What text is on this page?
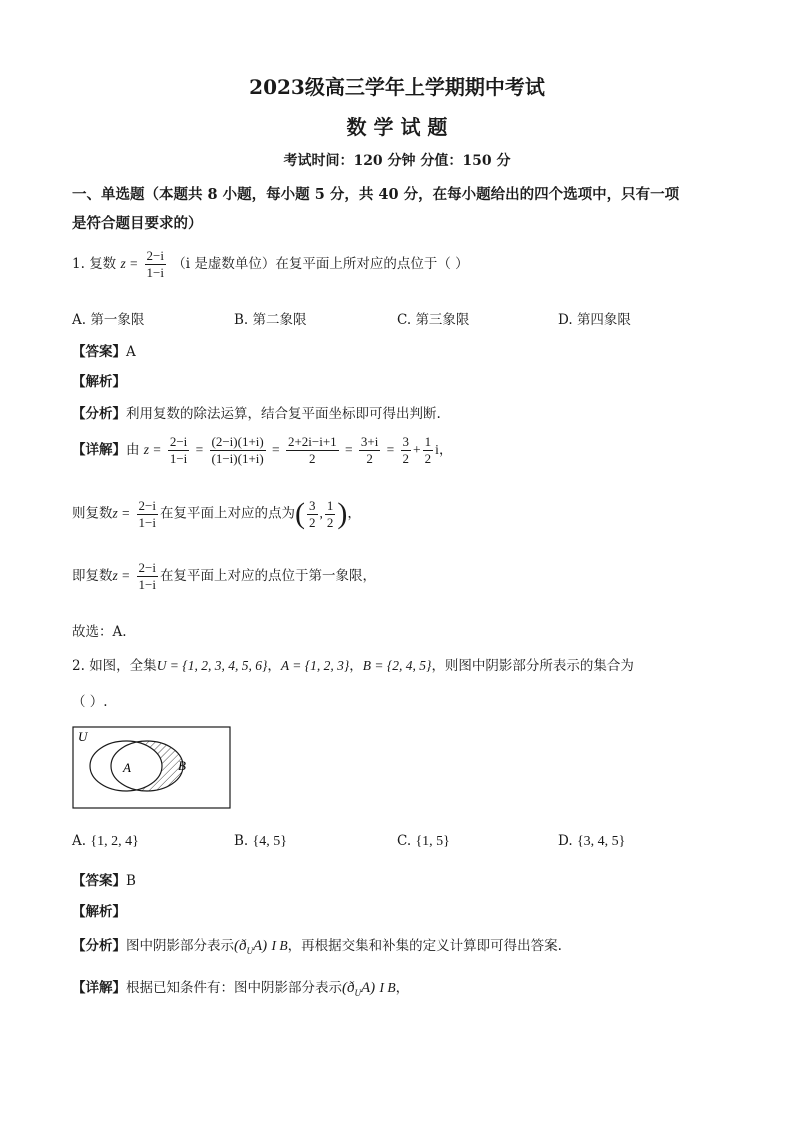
2023级高三学年上学期期中考试
数 学 试 题
考试时间：120 分钟 分值：150 分
一、单选题（本题共 8 小题，每小题 5 分，共 40 分，在每小题给出的四个选项中，只有一项
是符合题目要求的）
1. 复数 $z = \frac{2-i}{1-i} (i$ 是虚数单位）在复平面上所对应的点位于（ ）
A. 第一象限	B. 第二象限	C. 第三象限	D. 第四象限
【答案】A
【解析】
【分析】利用复数的除法运算，结合复平面坐标即可得出判断.
【详解】由 $z = \frac{2-i}{1-i} = \frac{(2-i)(1+i)}{(1-i)(1+i)} = \frac{2+2i-i+1}{2} = \frac{3+i}{2} = \frac{3}{2} + \frac{1}{2}$ i，
则复数$z = \frac{2-i}{1-i}$ 在复平面上对应的点为( $\frac{3}{2}$ , $\frac{1}{2}$ )，
即复数$z = \frac{2-i}{1-i}$ 在复平面上对应的点位于第一象限，
故选：A.
2. 如图，全集U = {1, 2, 3, 4, 5, 6}，A = {1, 2, 3}，B = {2, 4, 5}，则图中阴影部分所表示的集合为
（ ）.
U
A	B
A. {1, 2, 4}	B. {4, 5}	C. {1, 5}	D. {3, 4, 5}
【答案】B
【解析】
【分析】图中阴影部分表示$(ð_UA)$ I B，再根据交集和补集的定义计算即可得出答案.
【详解】根据已知条件有：图中阴影部分表示$(ð_UA)$ I B，
